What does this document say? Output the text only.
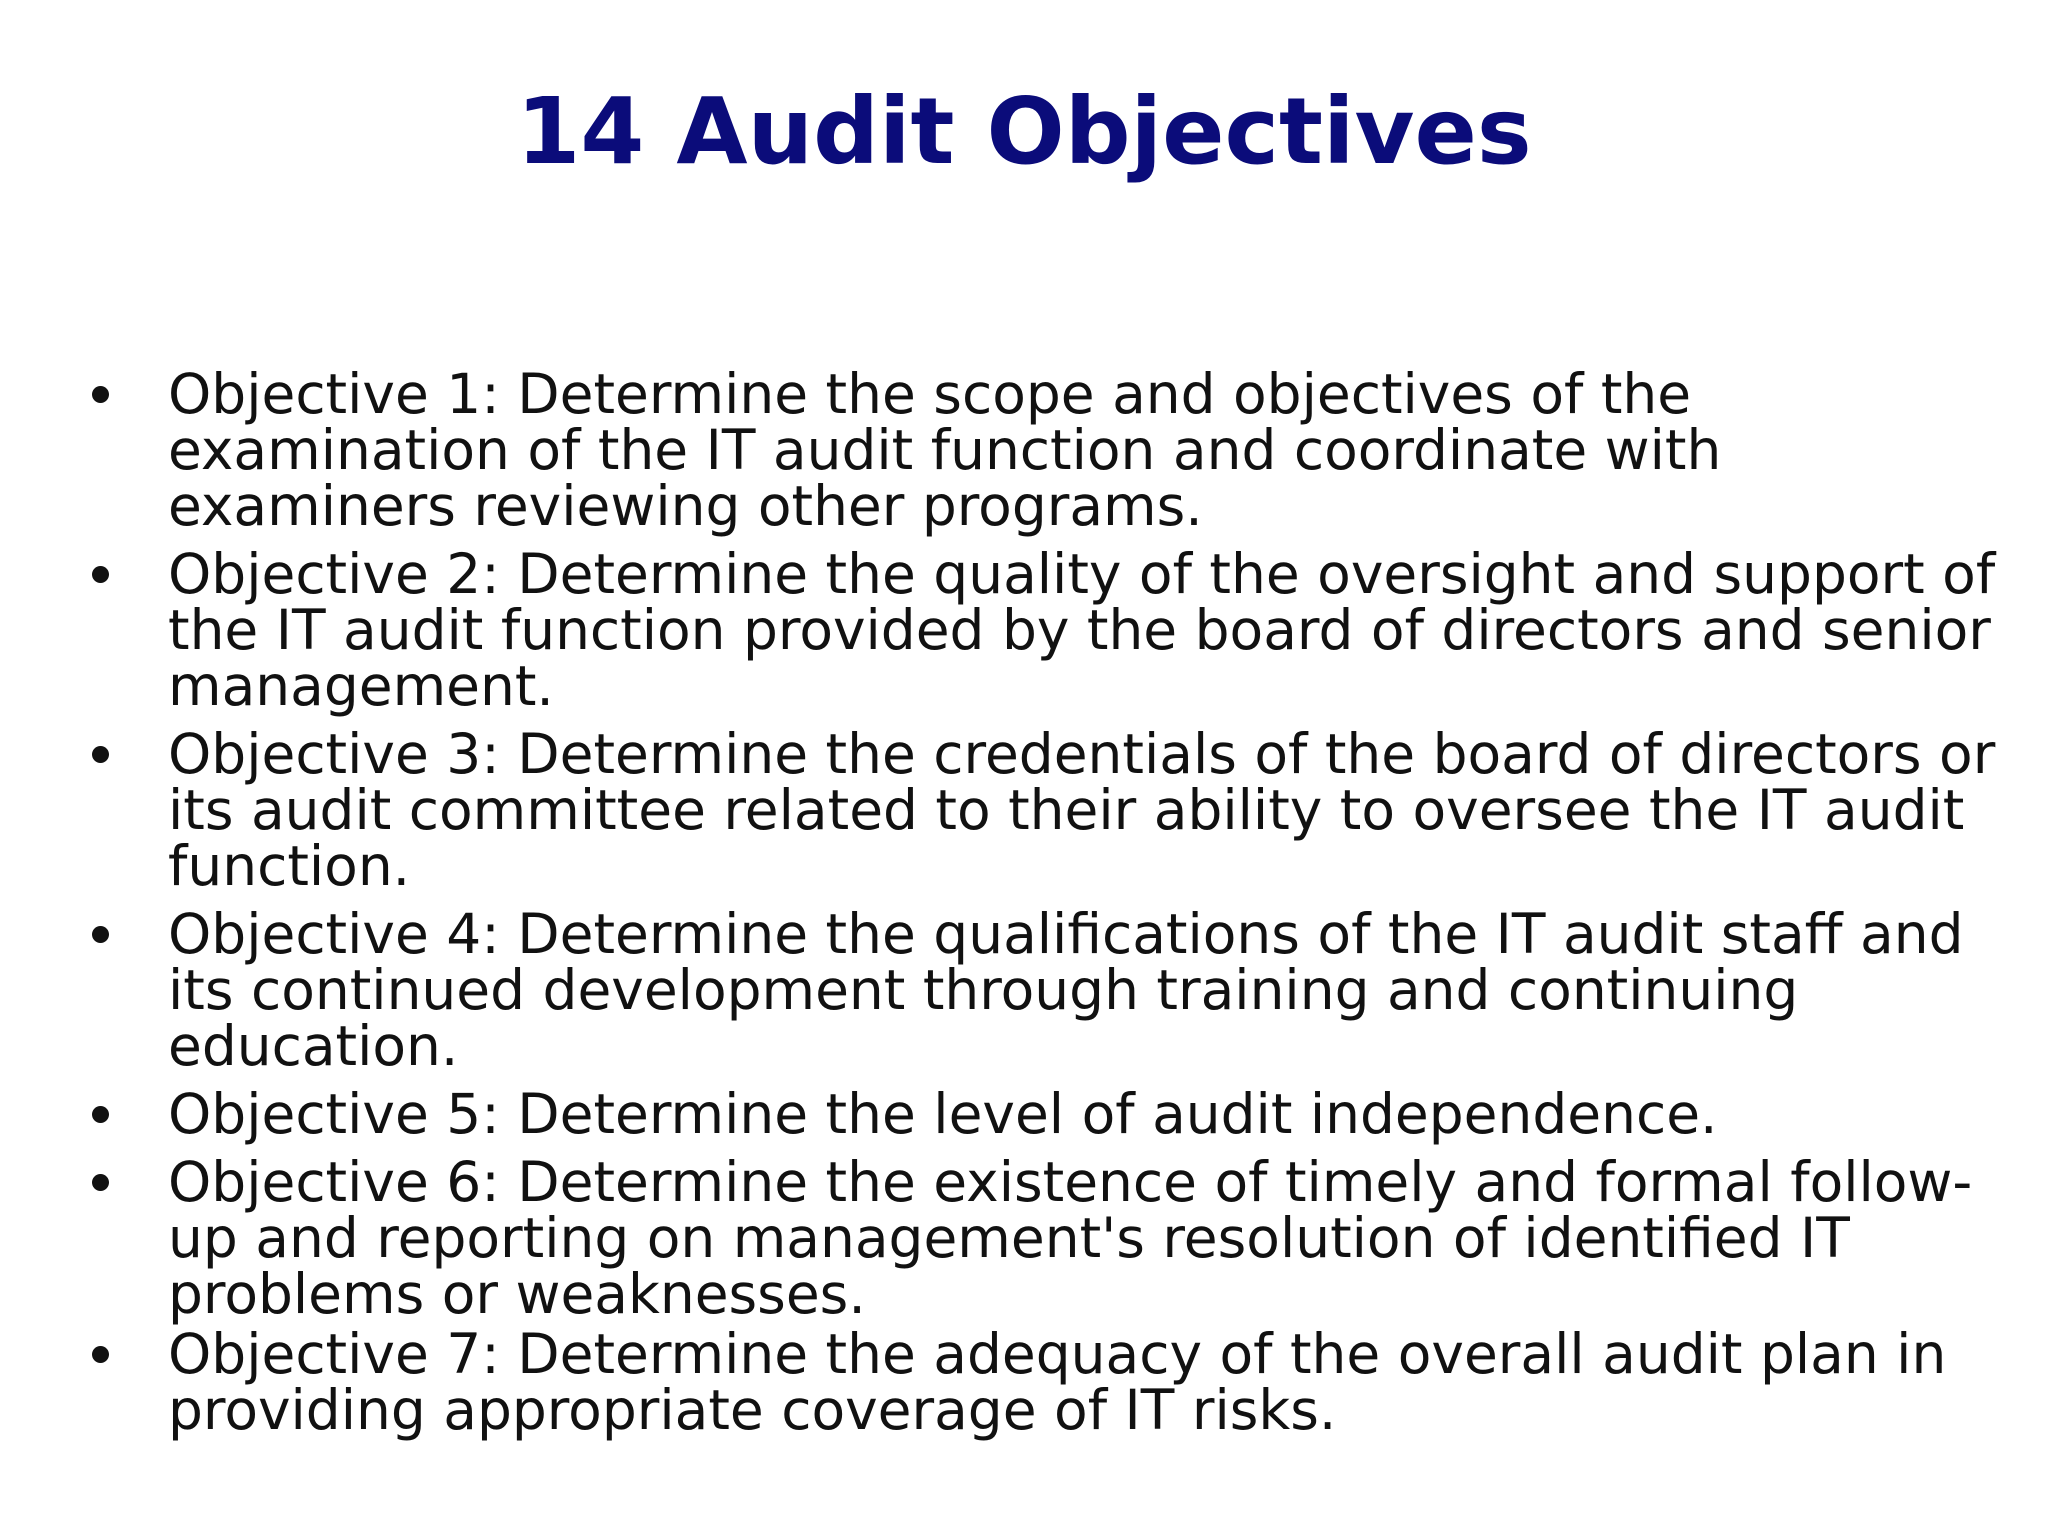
14 Audit Objectives
Objective 1: Determine the scope and objectives of the examination of the IT audit function and coordinate with examiners reviewing other programs.
Objective 2: Determine the quality of the oversight and support of the IT audit function provided by the board of directors and senior management.
Objective 3: Determine the credentials of the board of directors or its audit committee related to their ability to oversee the IT audit function.
Objective 4: Determine the qualifications of the IT audit staff and its continued development through training and continuing education.
Objective 5: Determine the level of audit independence.
Objective 6: Determine the existence of timely and formal follow-up and reporting on management's resolution of identified IT problems or weaknesses.
Objective 7: Determine the adequacy of the overall audit plan in providing appropriate coverage of IT risks.
